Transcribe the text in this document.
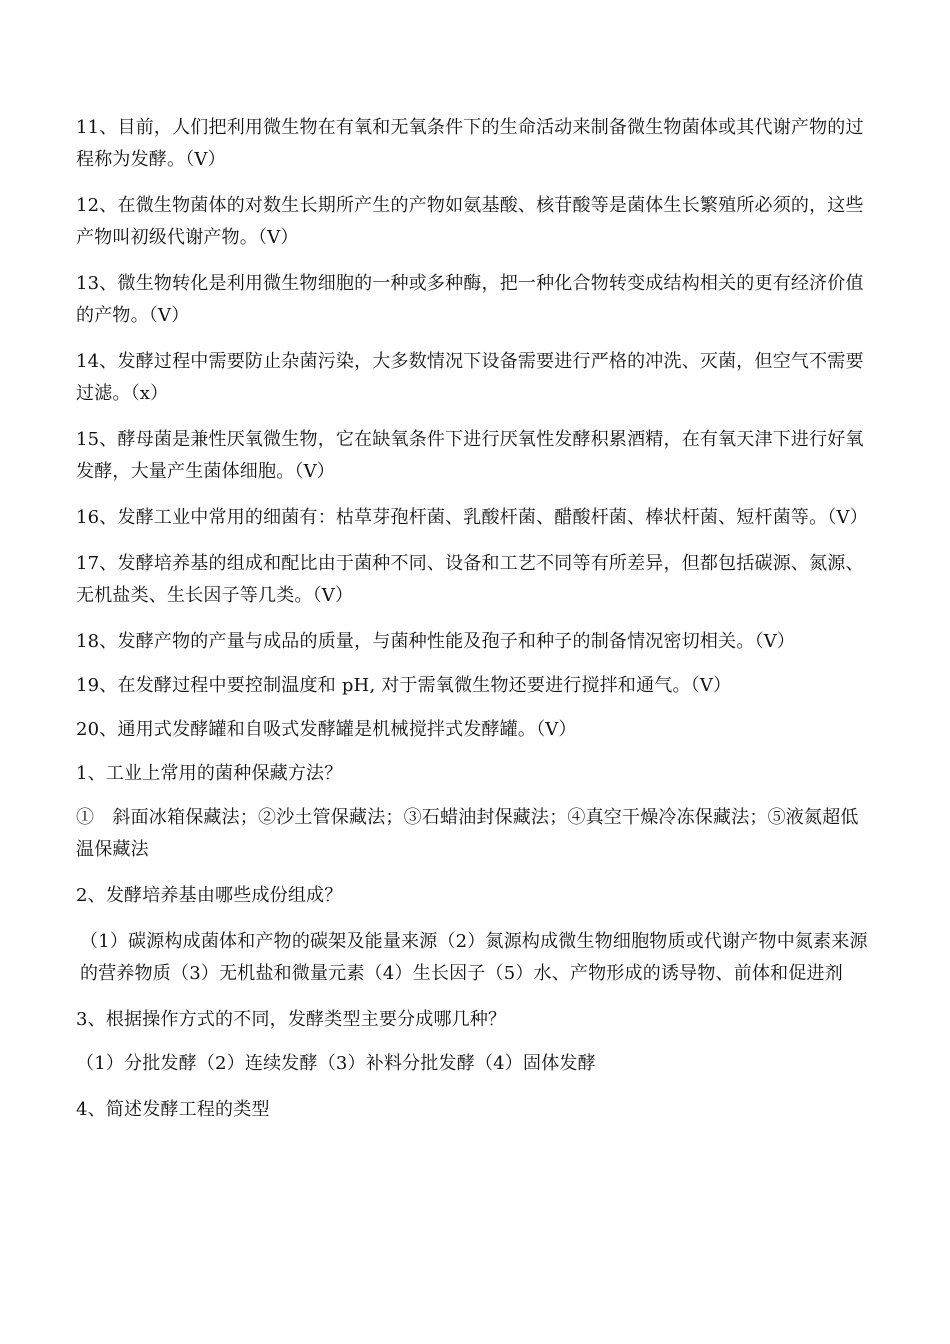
11、目前，人们把利用微生物在有氧和无氧条件下的生命活动来制备微生物菌体或其代谢产物的过程称为发酵。（V）

12、在微生物菌体的对数生长期所产生的产物如氨基酸、核苷酸等是菌体生长繁殖所必须的，这些产物叫初级代谢产物。（V）

13、微生物转化是利用微生物细胞的一种或多种酶，把一种化合物转变成结构相关的更有经济价值的产物。（V）

14、发酵过程中需要防止杂菌污染，大多数情况下设备需要进行严格的冲洗、灭菌，但空气不需要过滤。（x）

15、酵母菌是兼性厌氧微生物，它在缺氧条件下进行厌氧性发酵积累酒精，在有氧天津下进行好氧发酵，大量产生菌体细胞。（V）

16、发酵工业中常用的细菌有：枯草芽孢杆菌、乳酸杆菌、醋酸杆菌、棒状杆菌、短杆菌等。（V）

17、发酵培养基的组成和配比由于菌种不同、设备和工艺不同等有所差异，但都包括碳源、氮源、无机盐类、生长因子等几类。（V）

18、发酵产物的产量与成品的质量，与菌种性能及孢子和种子的制备情况密切相关。（V）

19、在发酵过程中要控制温度和 pH, 对于需氧微生物还要进行搅拌和通气。（V）

20、通用式发酵罐和自吸式发酵罐是机械搅拌式发酵罐。（V）

1、工业上常用的菌种保藏方法？

①　斜面冰箱保藏法；②沙土管保藏法；③石蜡油封保藏法；④真空干燥冷冻保藏法；⑤液氮超低温保藏法

2、发酵培养基由哪些成份组成？

（1）碳源构成菌体和产物的碳架及能量来源（2）氮源构成微生物细胞物质或代谢产物中氮素来源的营养物质（3）无机盐和微量元素（4）生长因子（5）水、产物形成的诱导物、前体和促进剂

3、根据操作方式的不同，发酵类型主要分成哪几种？

（1）分批发酵（2）连续发酵（3）补料分批发酵（4）固体发酵

4、简述发酵工程的类型
